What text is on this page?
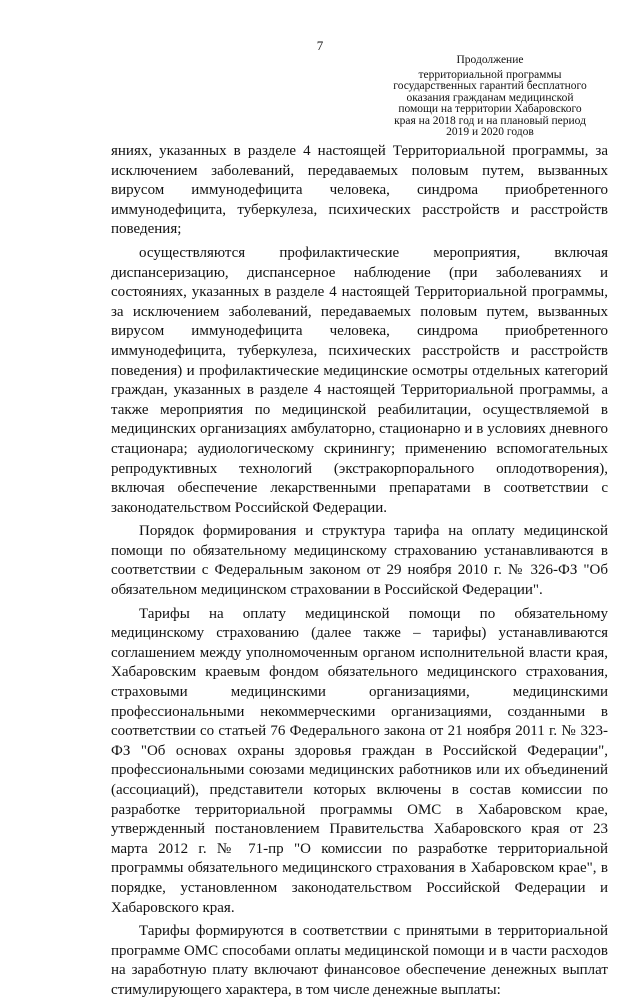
7
Продолжение
территориальной программы
государственных гарантий бесплатного
оказания гражданам медицинской
помощи на территории Хабаровского
края на 2018 год и на плановый период
2019 и 2020 годов

яниях, указанных в разделе 4 настоящей Территориальной программы, за исключением заболеваний, передаваемых половым путем, вызванных вирусом иммунодефицита человека, синдрома приобретенного иммунодефицита, туберкулеза, психических расстройств и расстройств поведения;

осуществляются профилактические мероприятия, включая диспансеризацию, диспансерное наблюдение (при заболеваниях и состояниях, указанных в разделе 4 настоящей Территориальной программы, за исключением заболеваний, передаваемых половым путем, вызванных вирусом иммунодефицита человека, синдрома приобретенного иммунодефицита, туберкулеза, психических расстройств и расстройств поведения) и профилактические медицинские осмотры отдельных категорий граждан, указанных в разделе 4 настоящей Территориальной программы, а также мероприятия по медицинской реабилитации, осуществляемой в медицинских организациях амбулаторно, стационарно и в условиях дневного стационара; аудиологическому скринингу; применению вспомогательных репродуктивных технологий (экстракорпорального оплодотворения), включая обеспечение лекарственными препаратами в соответствии с законодательством Российской Федерации.

Порядок формирования и структура тарифа на оплату медицинской помощи по обязательному медицинскому страхованию устанавливаются в соответствии с Федеральным законом от 29 ноября 2010 г. № 326-ФЗ "Об обязательном медицинском страховании в Российской Федерации".

Тарифы на оплату медицинской помощи по обязательному медицинскому страхованию (далее также – тарифы) устанавливаются соглашением между уполномоченным органом исполнительной власти края, Хабаровским краевым фондом обязательного медицинского страхования, страховыми медицинскими организациями, медицинскими профессиональными некоммерческими организациями, созданными в соответствии со статьей 76 Федерального закона от 21 ноября 2011 г. № 323-ФЗ "Об основах охраны здоровья граждан в Российской Федерации", профессиональными союзами медицинских работников или их объединений (ассоциаций), представители которых включены в состав комиссии по разработке территориальной программы ОМС в Хабаровском крае, утвержденный постановлением Правительства Хабаровского края от 23 марта 2012 г. № 71-пр "О комиссии по разработке территориальной программы обязательного медицинского страхования в Хабаровском крае", в порядке, установленном законодательством Российской Федерации и Хабаровского края.

Тарифы формируются в соответствии с принятыми в территориальной программе ОМС способами оплаты медицинской помощи и в части расходов на заработную плату включают финансовое обеспечение денежных выплат стимулирующего характера, в том числе денежные выплаты:
